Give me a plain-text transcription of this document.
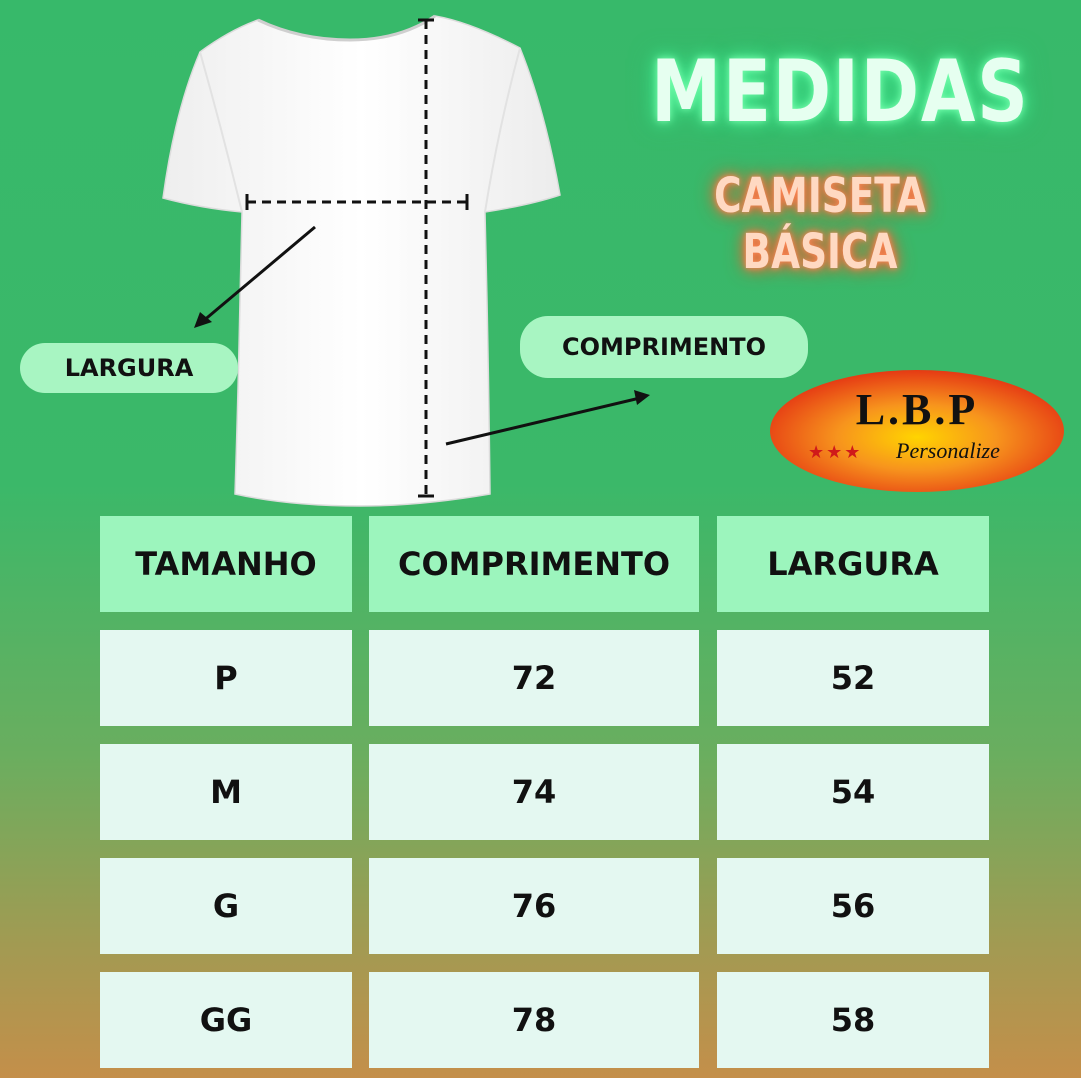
MEDIDAS
CAMISETA BÁSICA
LARGURA
COMPRIMENTO
L.B.P
★★★ Personalize
TAMANHO	COMPRIMENTO	LARGURA
P	72	52
M	74	54
G	76	56
GG	78	58
